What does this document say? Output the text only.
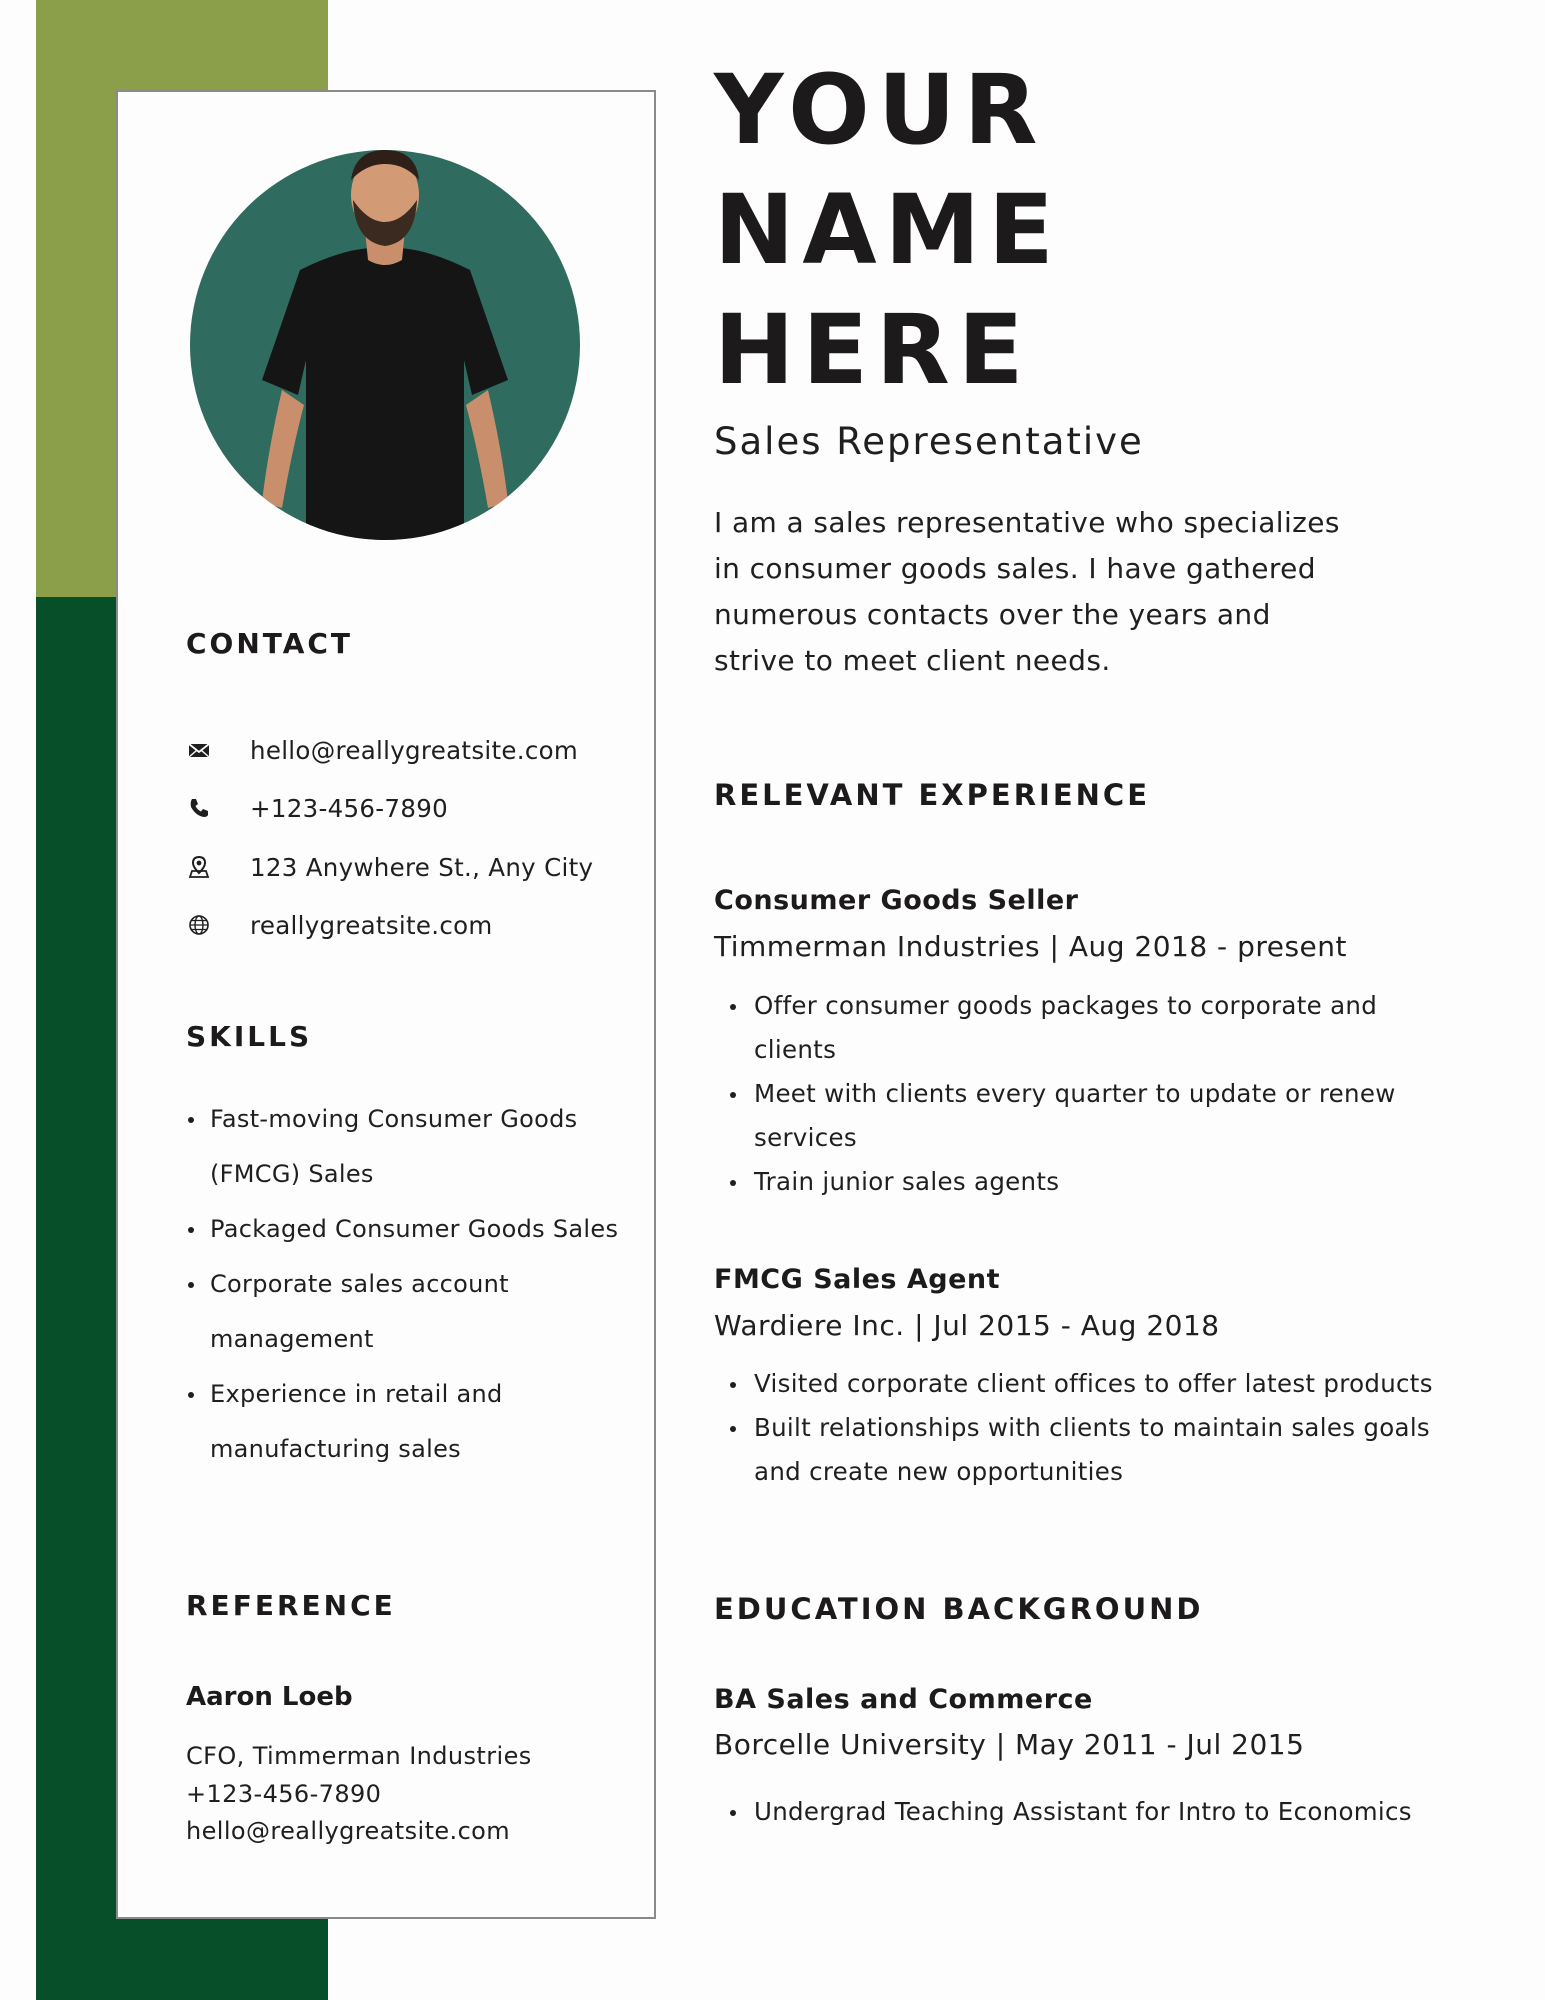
CONTACT
hello@reallygreatsite.com
+123-456-7890
123 Anywhere St., Any City
reallygreatsite.com
SKILLS
Fast-moving Consumer Goods (FMCG) Sales
Packaged Consumer Goods Sales
Corporate sales account management
Experience in retail and manufacturing sales
REFERENCE
Aaron Loeb
CFO, Timmerman Industries
+123-456-7890
hello@reallygreatsite.com
YOUR
NAME
HERE
Sales Representative

I am a sales representative who specializes in consumer goods sales. I have gathered numerous contacts over the years and strive to meet client needs.

RELEVANT EXPERIENCE
Consumer Goods Seller
Timmerman Industries | Aug 2018 - present
Offer consumer goods packages to corporate and clients
Meet with clients every quarter to update or renew services
Train junior sales agents
FMCG Sales Agent
Wardiere Inc. | Jul 2015 - Aug 2018
Visited corporate client offices to offer latest products
Built relationships with clients to maintain sales goals and create new opportunities
EDUCATION BACKGROUND
BA Sales and Commerce
Borcelle University | May 2011 - Jul 2015
Undergrad Teaching Assistant for Intro to Economics
